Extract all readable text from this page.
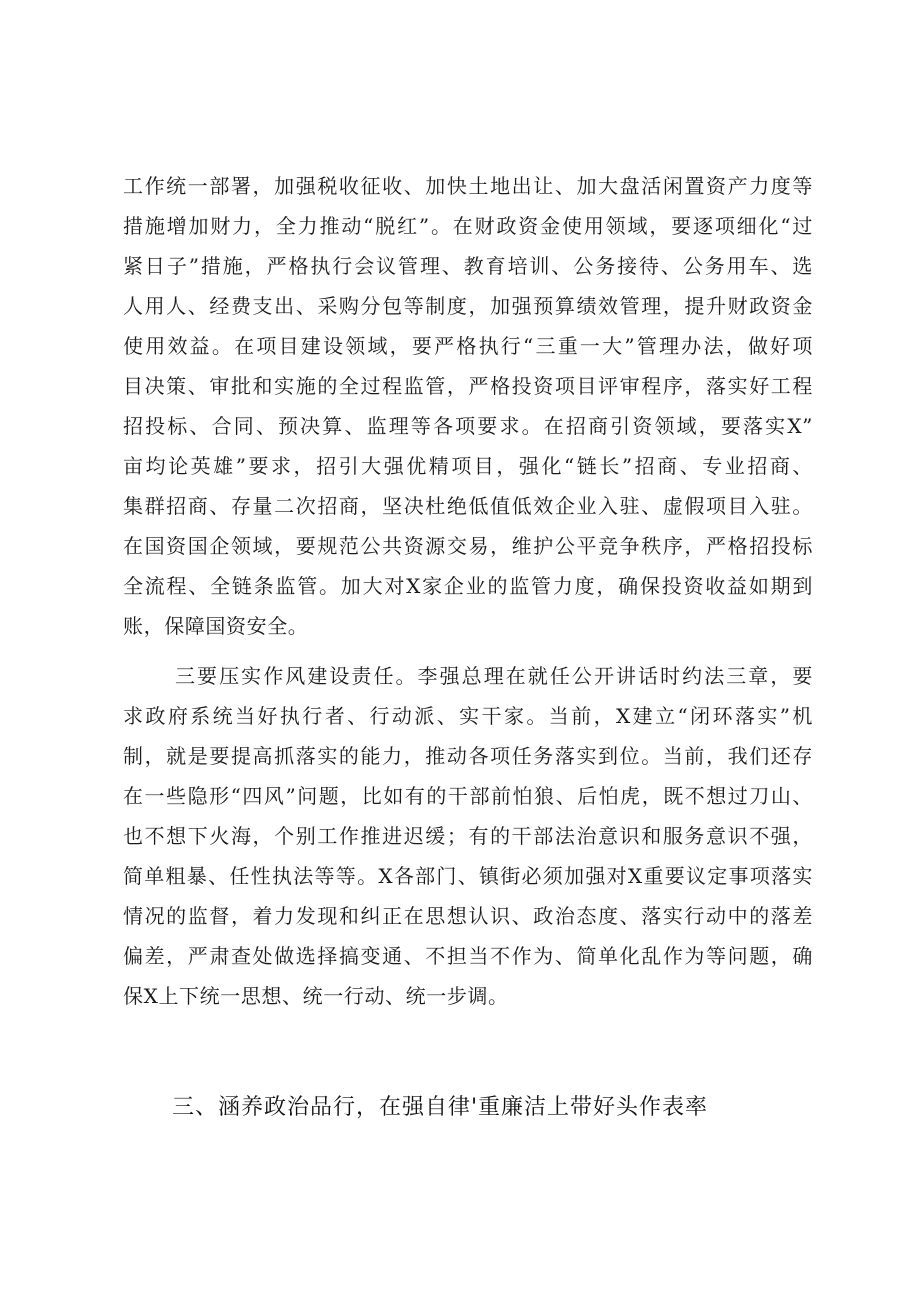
工作统一部署，加强税收征收、加快土地出让、加大盘活闲置资产力度等
措施增加财力，全力推动“脱红”。在财政资金使用领域，要逐项细化“过
紧日子”措施，严格执行会议管理、教育培训、公务接待、公务用车、选
人用人、经费支出、采购分包等制度，加强预算绩效管理，提升财政资金
使用效益。在项目建设领域，要严格执行“三重一大”管理办法，做好项
目决策、审批和实施的全过程监管，严格投资项目评审程序，落实好工程
招投标、合同、预决算、监理等各项要求。在招商引资领域，要落实X”
亩均论英雄”要求，招引大强优精项目，强化“链长”招商、专业招商、
集群招商、存量二次招商，坚决杜绝低值低效企业入驻、虚假项目入驻。
在国资国企领域，要规范公共资源交易，维护公平竞争秩序，严格招投标
全流程、全链条监管。加大对X家企业的监管力度，确保投资收益如期到
账，保障国资安全。
三要压实作风建设责任。李强总理在就任公开讲话时约法三章，要
求政府系统当好执行者、行动派、实干家。当前，X建立“闭环落实”机
制，就是要提高抓落实的能力，推动各项任务落实到位。当前，我们还存
在一些隐形“四风”问题，比如有的干部前怕狼、后怕虎，既不想过刀山、
也不想下火海，个别工作推进迟缓；有的干部法治意识和服务意识不强，
简单粗暴、任性执法等等。X各部门、镇街必须加强对X重要议定事项落实
情况的监督，着力发现和纠正在思想认识、政治态度、落实行动中的落差
偏差，严肃查处做选择搞变通、不担当不作为、简单化乱作为等问题，确
保X上下统一思想、统一行动、统一步调。
三、涵养政治品行，在强自律'重廉洁上带好头作表率
